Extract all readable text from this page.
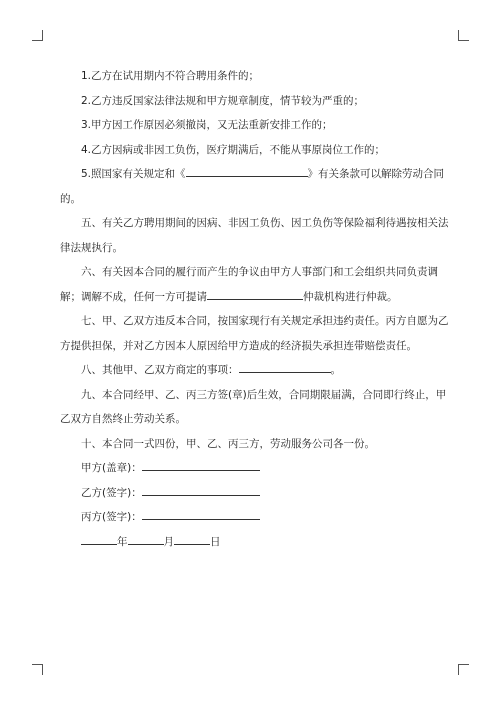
1.乙方在试用期内不符合聘用条件的；

2.乙方违反国家法律法规和甲方规章制度，情节较为严重的；

3.甲方因工作原因必须撤岗，又无法重新安排工作的；

4.乙方因病或非因工负伤，医疗期满后，不能从事原岗位工作的；

5.照国家有关规定和《	》有关条款可以解除劳动合同的。

五、有关乙方聘用期间的因病、非因工负伤、因工负伤等保险福利待遇按相关法律法规执行。

六、有关因本合同的履行而产生的争议由甲方人事部门和工会组织共同负责调解；调解不成，任何一方可提请	仲裁机构进行仲裁。

七、甲、乙双方违反本合同，按国家现行有关规定承担违约责任。丙方自愿为乙方提供担保，并对乙方因本人原因给甲方造成的经济损失承担连带赔偿责任。

八、其他甲、乙双方商定的事项：	。

九、本合同经甲、乙、丙三方签(章)后生效，合同期限届满，合同即行终止，甲乙双方自然终止劳动关系。

十、本合同一式四份，甲、乙、丙三方，劳动服务公司各一份。

甲方(盖章)：

乙方(签字)：

丙方(签字)：

年	月	日
